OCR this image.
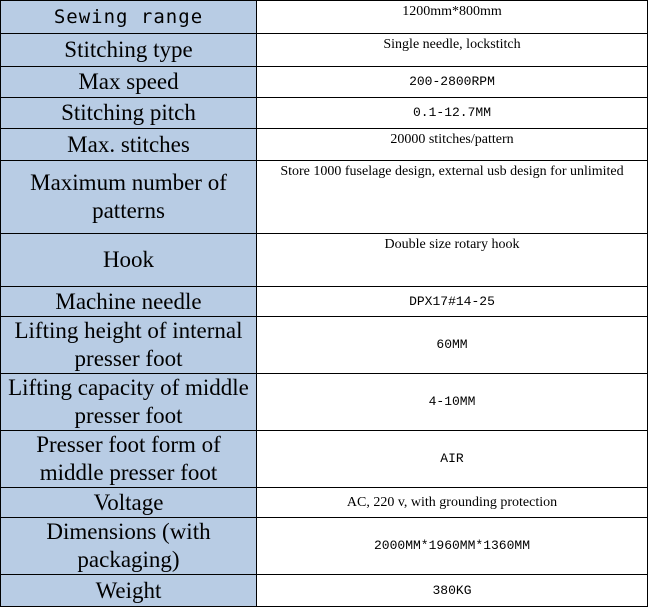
Sewing range	1200mm*800mm
Stitching type	Single needle, lockstitch
Max speed	200-2800RPM
Stitching pitch	0.1-12.7MM
Max. stitches	20000 stitches/pattern
Maximum number of patterns	Store 1000 fuselage design, external usb design for unlimited
Hook	Double size rotary hook
Machine needle	DPX17#14-25
Lifting height of internal presser foot	60MM
Lifting capacity of middle presser foot	4-10MM
Presser foot form of middle presser foot	AIR
Voltage	AC, 220 v, with grounding protection
Dimensions (with packaging)	2000MM*1960MM*1360MM
Weight	380KG
